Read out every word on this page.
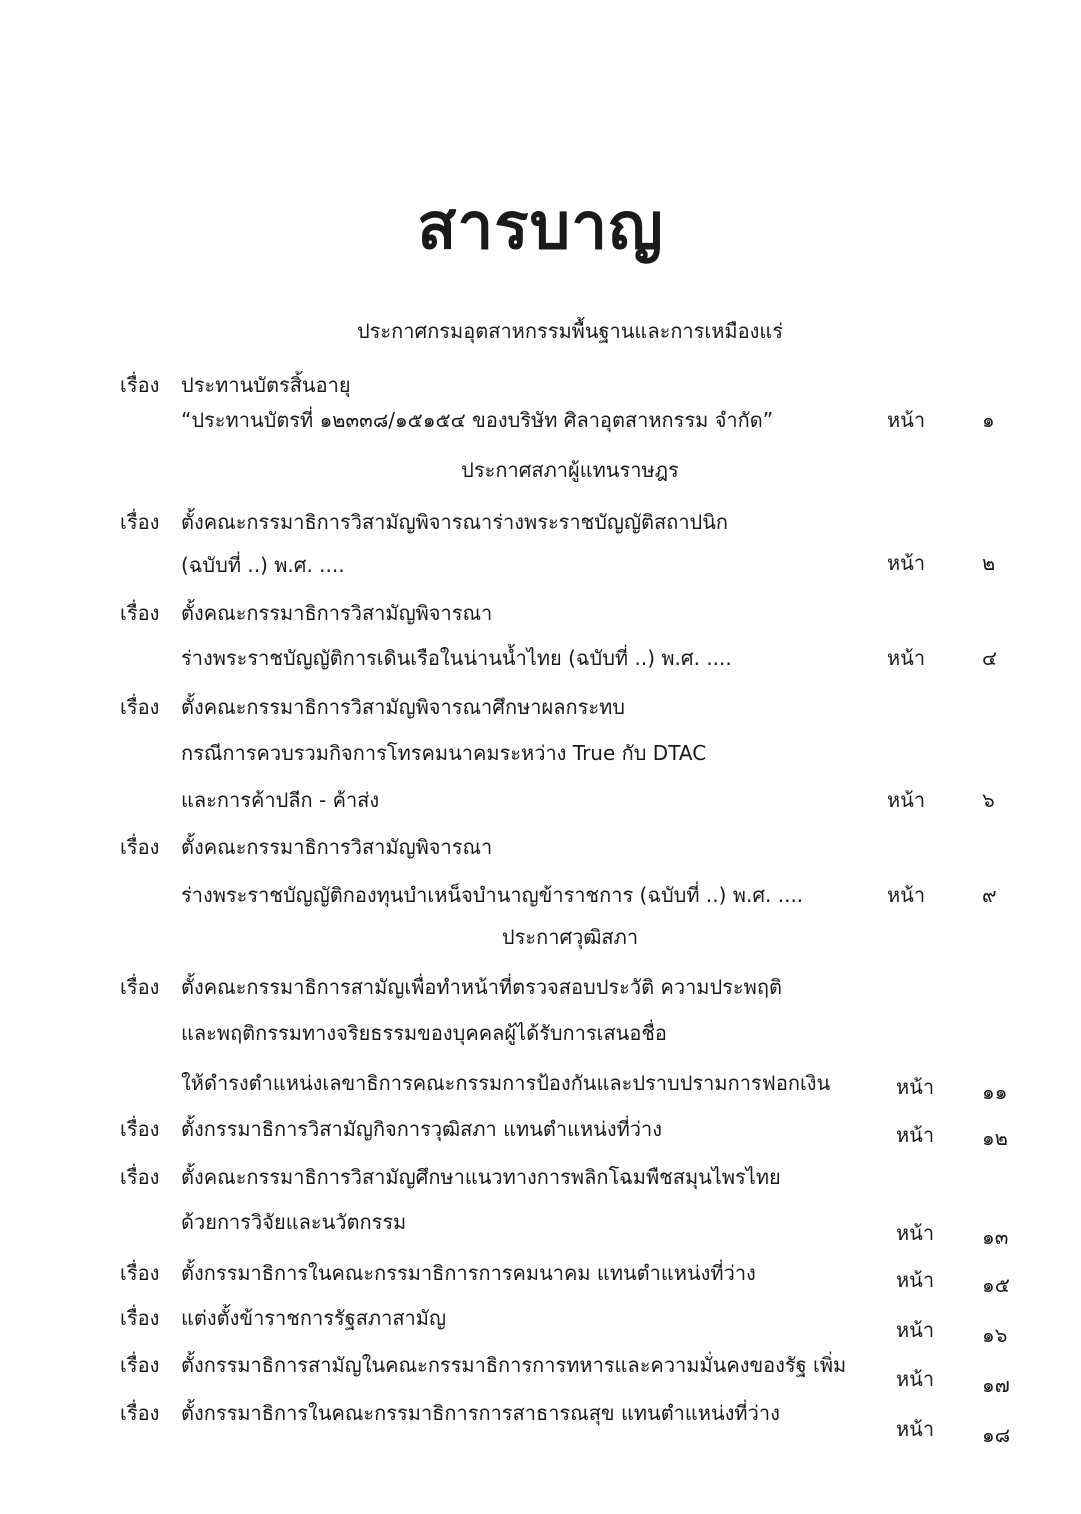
สารบาญ
ประกาศกรมอุตสาหกรรมพื้นฐานและการเหมืองแร่
เรื่อง ประทานบัตรสิ้นอายุ
“ประทานบัตรที่ ๑๒๓๓๘/๑๕๑๕๔ ของบริษัท ศิลาอุตสาหกรรม จำกัด”	หน้า	๑
ประกาศสภาผู้แทนราษฎร
เรื่อง ตั้งคณะกรรมาธิการวิสามัญพิจารณาร่างพระราชบัญญัติสถาปนิก
(ฉบับที่ ..) พ.ศ. ....	หน้า	๒
เรื่อง ตั้งคณะกรรมาธิการวิสามัญพิจารณา
ร่างพระราชบัญญัติการเดินเรือในน่านน้ำไทย (ฉบับที่ ..) พ.ศ. ....	หน้า	๔
เรื่อง ตั้งคณะกรรมาธิการวิสามัญพิจารณาศึกษาผลกระทบ
กรณีการควบรวมกิจการโทรคมนาคมระหว่าง True กับ DTAC
และการค้าปลีก - ค้าส่ง	หน้า	๖
เรื่อง ตั้งคณะกรรมาธิการวิสามัญพิจารณา
ร่างพระราชบัญญัติกองทุนบำเหน็จบำนาญข้าราชการ (ฉบับที่ ..) พ.ศ. ....	หน้า	๙
ประกาศวุฒิสภา
เรื่อง ตั้งคณะกรรมาธิการสามัญเพื่อทำหน้าที่ตรวจสอบประวัติ ความประพฤติ
และพฤติกรรมทางจริยธรรมของบุคคลผู้ได้รับการเสนอชื่อ
ให้ดำรงตำแหน่งเลขาธิการคณะกรรมการป้องกันและปราบปรามการฟอกเงิน	หน้า ๑๑
เรื่อง ตั้งกรรมาธิการวิสามัญกิจการวุฒิสภา แทนตำแหน่งที่ว่าง	หน้า ๑๒
เรื่อง ตั้งคณะกรรมาธิการวิสามัญศึกษาแนวทางการพลิกโฉมพืชสมุนไพรไทย
ด้วยการวิจัยและนวัตกรรม	หน้า ๑๓
เรื่อง ตั้งกรรมาธิการในคณะกรรมาธิการการคมนาคม แทนตำแหน่งที่ว่าง	หน้า ๑๕
เรื่อง แต่งตั้งข้าราชการรัฐสภาสามัญ	หน้า ๑๖
เรื่อง ตั้งกรรมาธิการสามัญในคณะกรรมาธิการการทหารและความมั่นคงของรัฐ เพิ่ม
หน้า ๑๗
เรื่อง ตั้งกรรมาธิการในคณะกรรมาธิการการสาธารณสุข แทนตำแหน่งที่ว่าง
หน้า ๑๘
